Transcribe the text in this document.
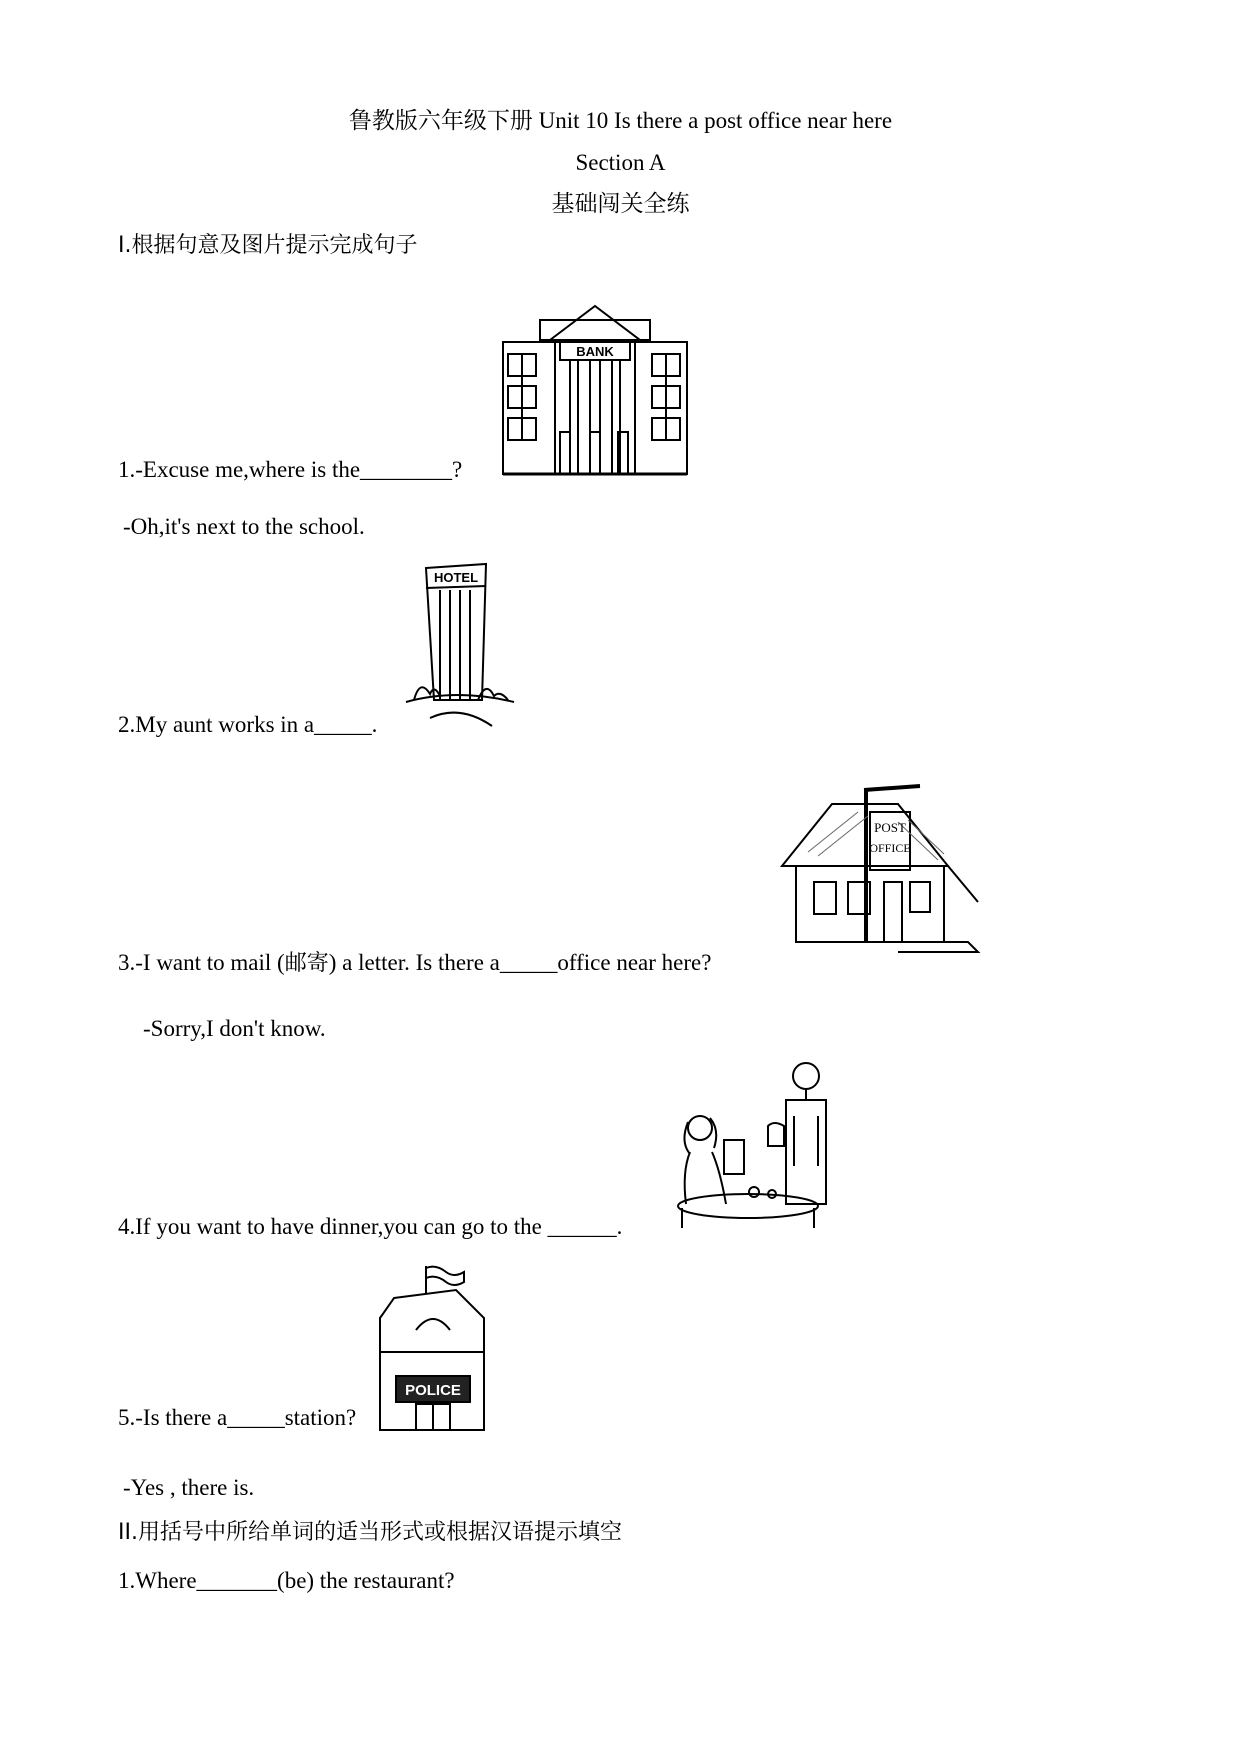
鲁教版六年级下册 Unit 10 Is there a post office near here
Section A
基础闯关全练
I.根据句意及图片提示完成句子
BANK
1.-Excuse me,where is the________?
-Oh,it's next to the school.
HOTEL
2.My aunt works in a_____.
POST
OFFICE
3.-I want to mail (邮寄) a letter. Is there a_____office near here?
-Sorry,I don't know.
4.If you want to have dinner,you can go to the ______.
POLICE
5.-Is there a_____station?
-Yes , there is.
II.用括号中所给单词的适当形式或根据汉语提示填空
1.Where_______(be) the restaurant?
